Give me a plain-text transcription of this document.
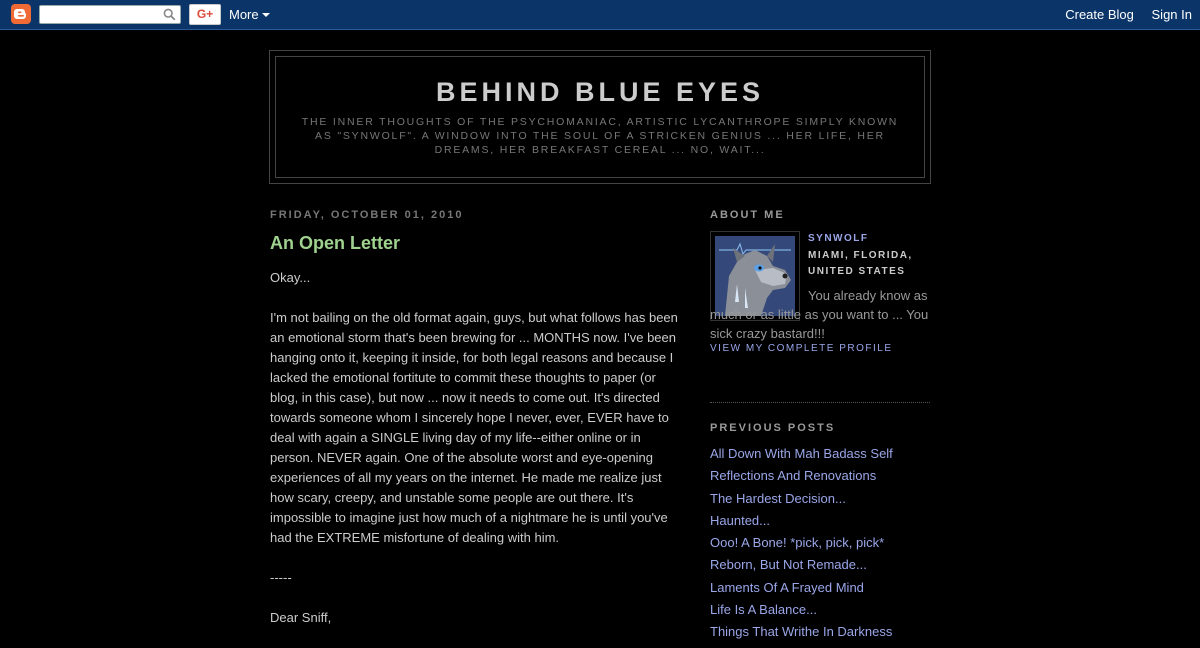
G+	More	Create Blog Sign In
BEHIND BLUE EYES
THE INNER THOUGHTS OF THE PSYCHOMANIAC, ARTISTIC LYCANTHROPE SIMPLY KNOWN AS "SYNWOLF". A WINDOW INTO THE SOUL OF A STRICKEN GENIUS ... HER LIFE, HER DREAMS, HER BREAKFAST CEREAL ... NO, WAIT...
FRIDAY, OCTOBER 01, 2010
An Open Letter

Okay...

I'm not bailing on the old format again, guys, but what follows has been an emotional storm that's been brewing for ... MONTHS now. I've been hanging onto it, keeping it inside, for both legal reasons and because I lacked the emotional fortitute to commit these thoughts to paper (or blog, in this case), but now ... now it needs to come out. It's directed towards someone whom I sincerely hope I never, ever, EVER have to deal with again a SINGLE living day of my life--either online or in person. NEVER again. One of the absolute worst and eye-opening experiences of all my years on the internet. He made me realize just how scary, creepy, and unstable some people are out there. It's impossible to imagine just how much of a nightmare he is until you've had the EXTREME misfortune of dealing with him.

-----

Dear Sniff,

ABOUT ME
SYNWOLF
MIAMI, FLORIDA, UNITED STATES
You already know as much or as little as you want to ... You sick crazy bastard!!!
VIEW MY COMPLETE PROFILE
PREVIOUS POSTS
All Down With Mah Badass Self
Reflections And Renovations
The Hardest Decision...
Haunted...
Ooo! A Bone! *pick, pick, pick*
Reborn, But Not Remade...
Laments Of A Frayed Mind
Life Is A Balance...
Things That Writhe In Darkness
